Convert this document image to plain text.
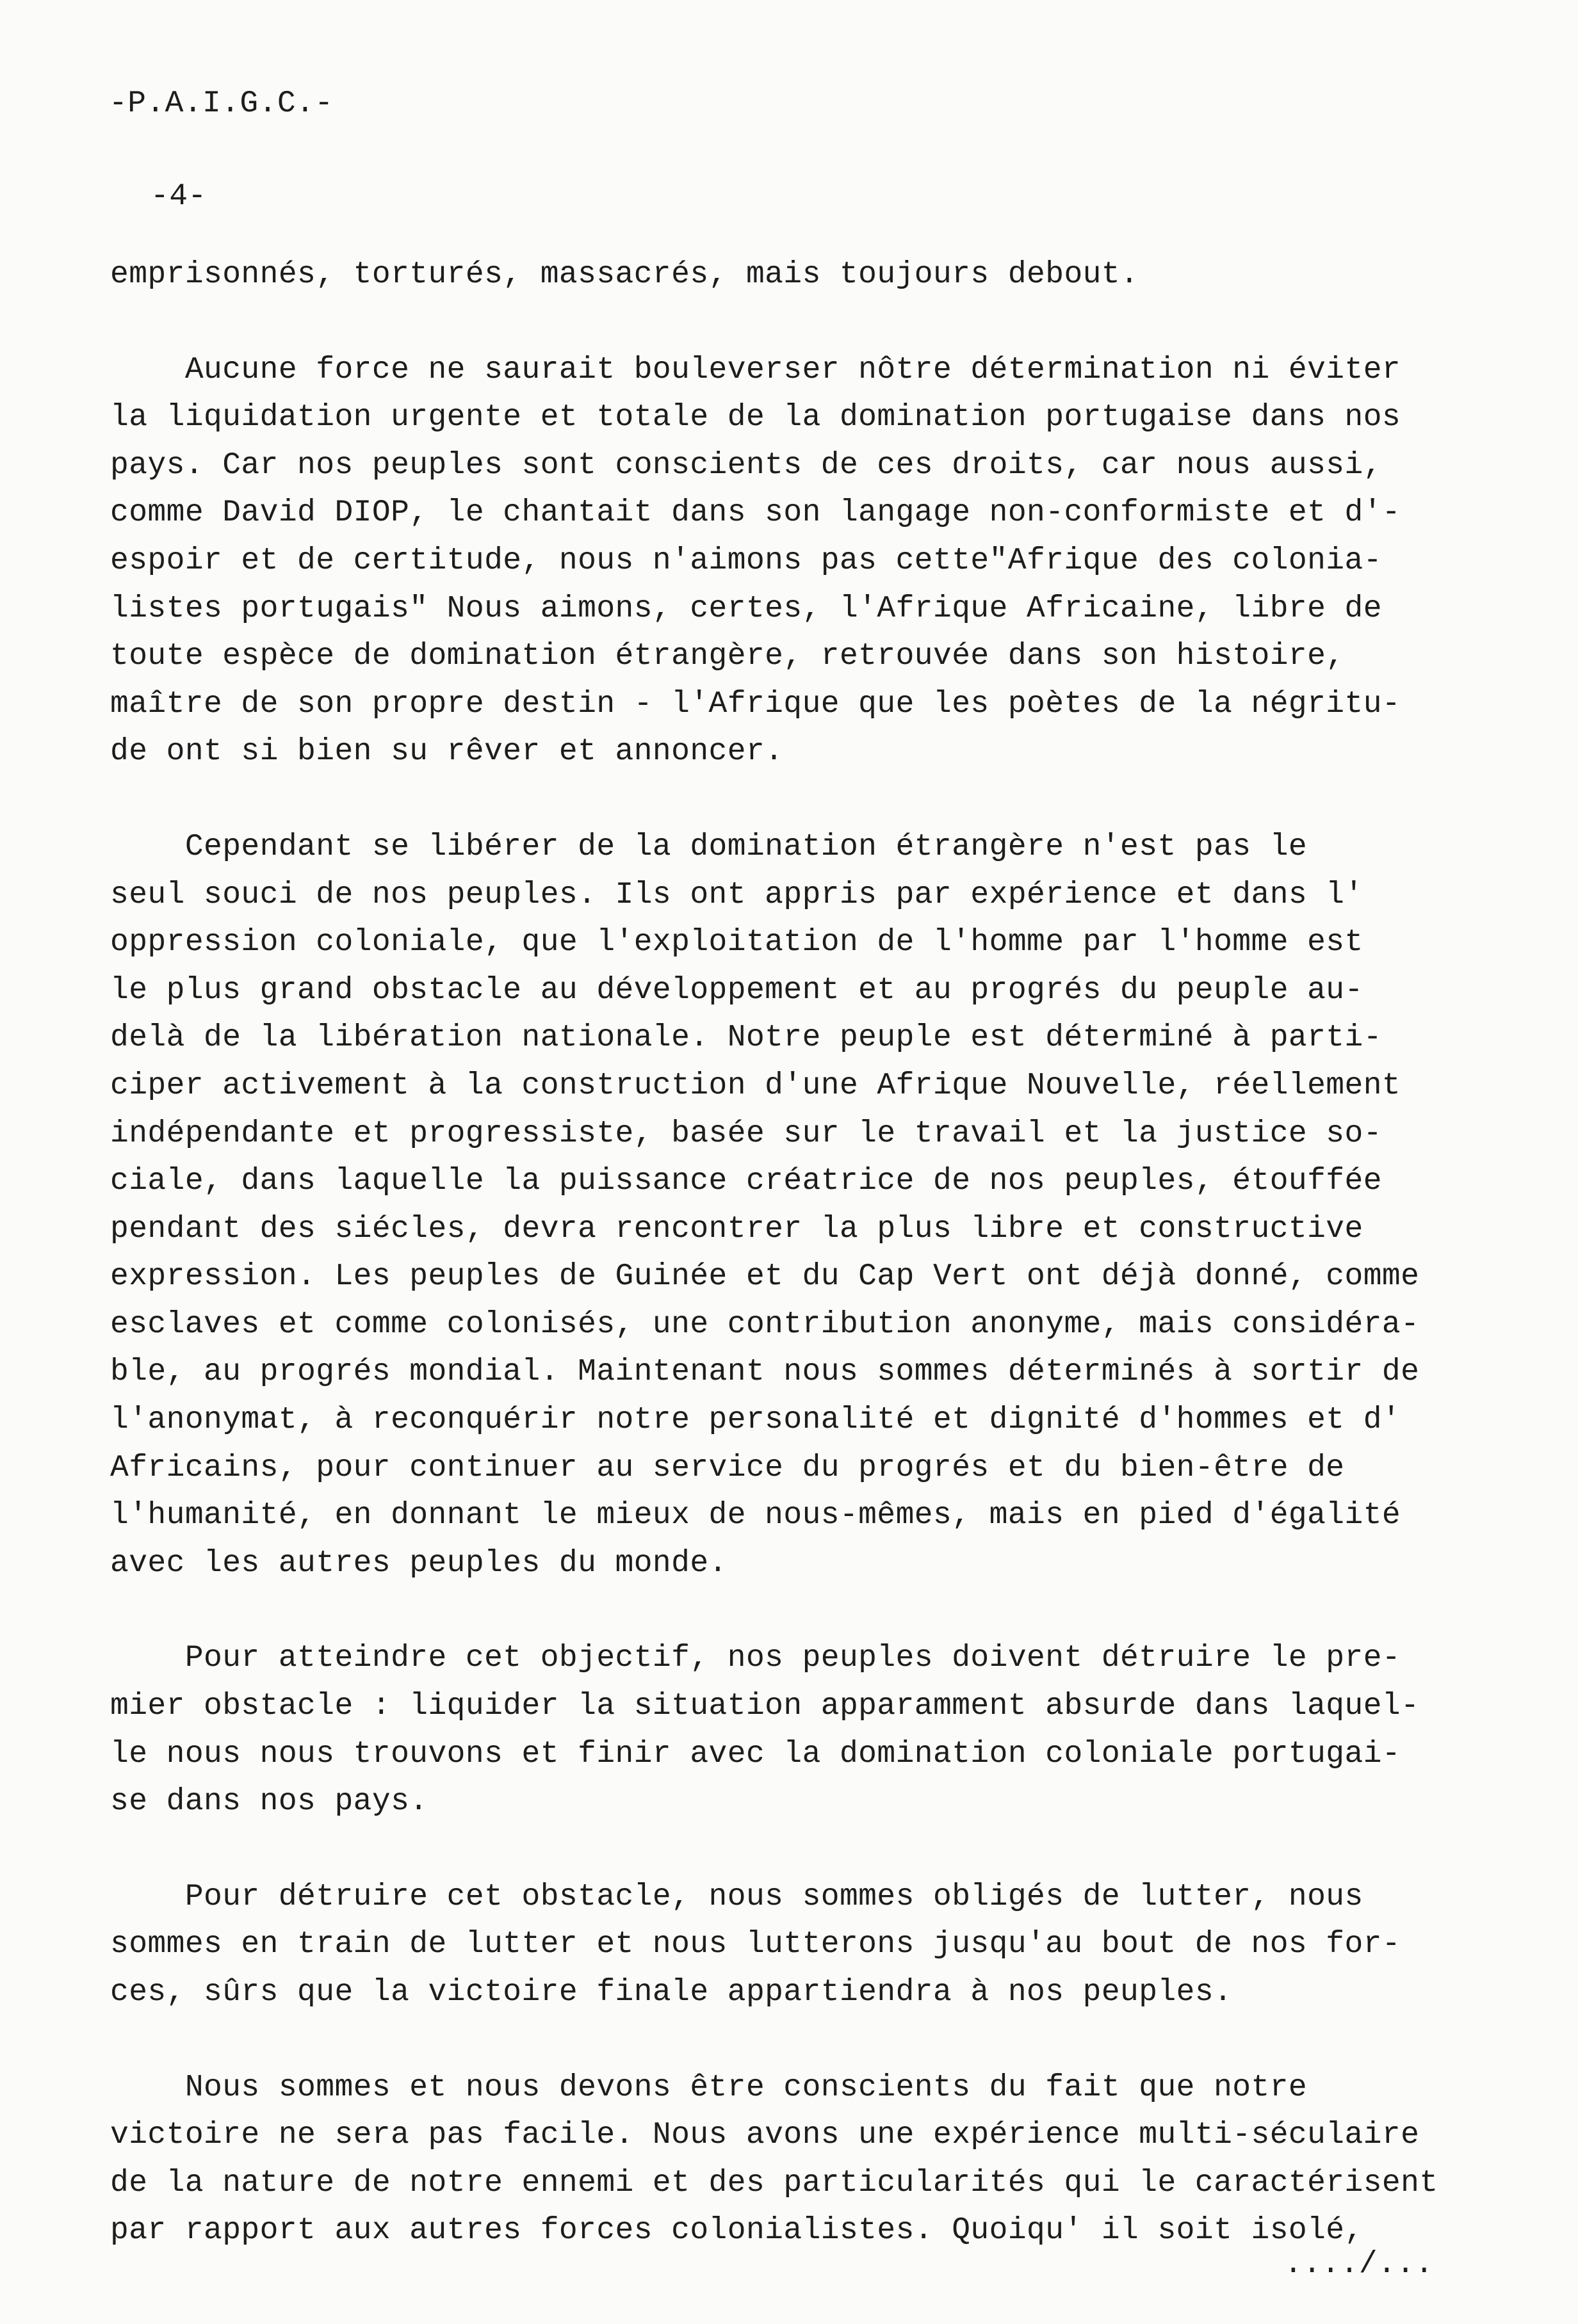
-P.A.I.G.C.-
-4-
emprisonnés, torturés, massacrés, mais toujours debout.
Aucune force ne saurait bouleverser nôtre détermination ni éviter
la liquidation urgente et totale de la domination portugaise dans nos
pays. Car nos peuples sont conscients de ces droits, car nous aussi,
comme David DIOP, le chantait dans son langage non-conformiste et d'-
espoir et de certitude, nous n'aimons pas cette"Afrique des colonia-
listes portugais" Nous aimons, certes, l'Afrique Africaine, libre de
toute espèce de domination étrangère, retrouvée dans son histoire,
maître de son propre destin - l'Afrique que les poètes de la négritu-
de ont si bien su rêver et annoncer.
Cependant se libérer de la domination étrangère n'est pas le
seul souci de nos peuples. Ils ont appris par expérience et dans l'
oppression coloniale, que l'exploitation de l'homme par l'homme est
le plus grand obstacle au développement et au progrés du peuple au-
delà de la libération nationale. Notre peuple est déterminé à parti-
ciper activement à la construction d'une Afrique Nouvelle, réellement
indépendante et progressiste, basée sur le travail et la justice so-
ciale, dans laquelle la puissance créatrice de nos peuples, étouffée
pendant des siécles, devra rencontrer la plus libre et constructive
expression. Les peuples de Guinée et du Cap Vert ont déjà donné, comme
esclaves et comme colonisés, une contribution anonyme, mais considéra-
ble, au progrés mondial. Maintenant nous sommes déterminés à sortir de
l'anonymat, à reconquérir notre personalité et dignité d'hommes et d'
Africains, pour continuer au service du progrés et du bien-être de
l'humanité, en donnant le mieux de nous-mêmes, mais en pied d'égalité
avec les autres peuples du monde.
Pour atteindre cet objectif, nos peuples doivent détruire le pre-
mier obstacle : liquider la situation apparamment absurde dans laquel-
le nous nous trouvons et finir avec la domination coloniale portugai-
se dans nos pays.
Pour détruire cet obstacle, nous sommes obligés de lutter, nous
sommes en train de lutter et nous lutterons jusqu'au bout de nos for-
ces, sûrs que la victoire finale appartiendra à nos peuples.
Nous sommes et nous devons être conscients du fait que notre
victoire ne sera pas facile. Nous avons une expérience multi-séculaire
de la nature de notre ennemi et des particularités qui le caractérisent
par rapport aux autres forces colonialistes. Quoiqu' il soit isolé,
..../...
